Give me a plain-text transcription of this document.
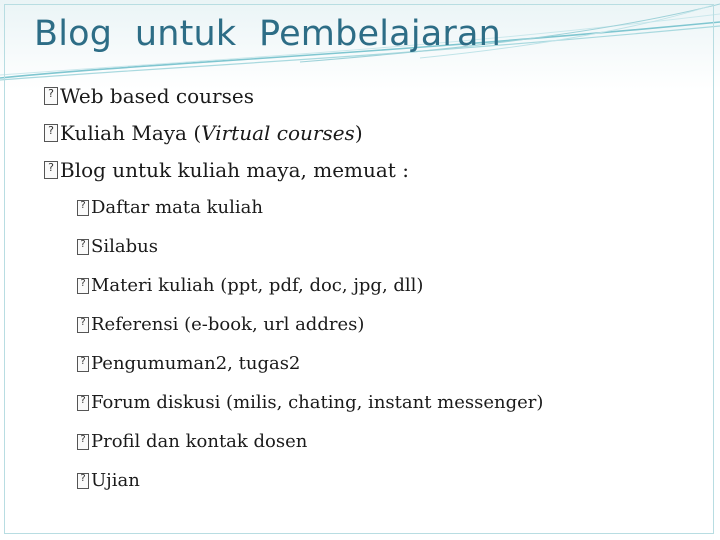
Blog  untuk  Pembelajaran
?
Web based courses
?
Kuliah Maya ( Virtual courses )
?
Blog untuk kuliah maya, memuat :
?
Daftar mata kuliah
?
Silabus
?
Materi kuliah (ppt, pdf, doc, jpg, dll)
?
Referensi (e-book, url addres)
?
Pengumuman2, tugas2
?
Forum diskusi (milis, chating, instant messenger)
?
Profil dan kontak dosen
?
Ujian
